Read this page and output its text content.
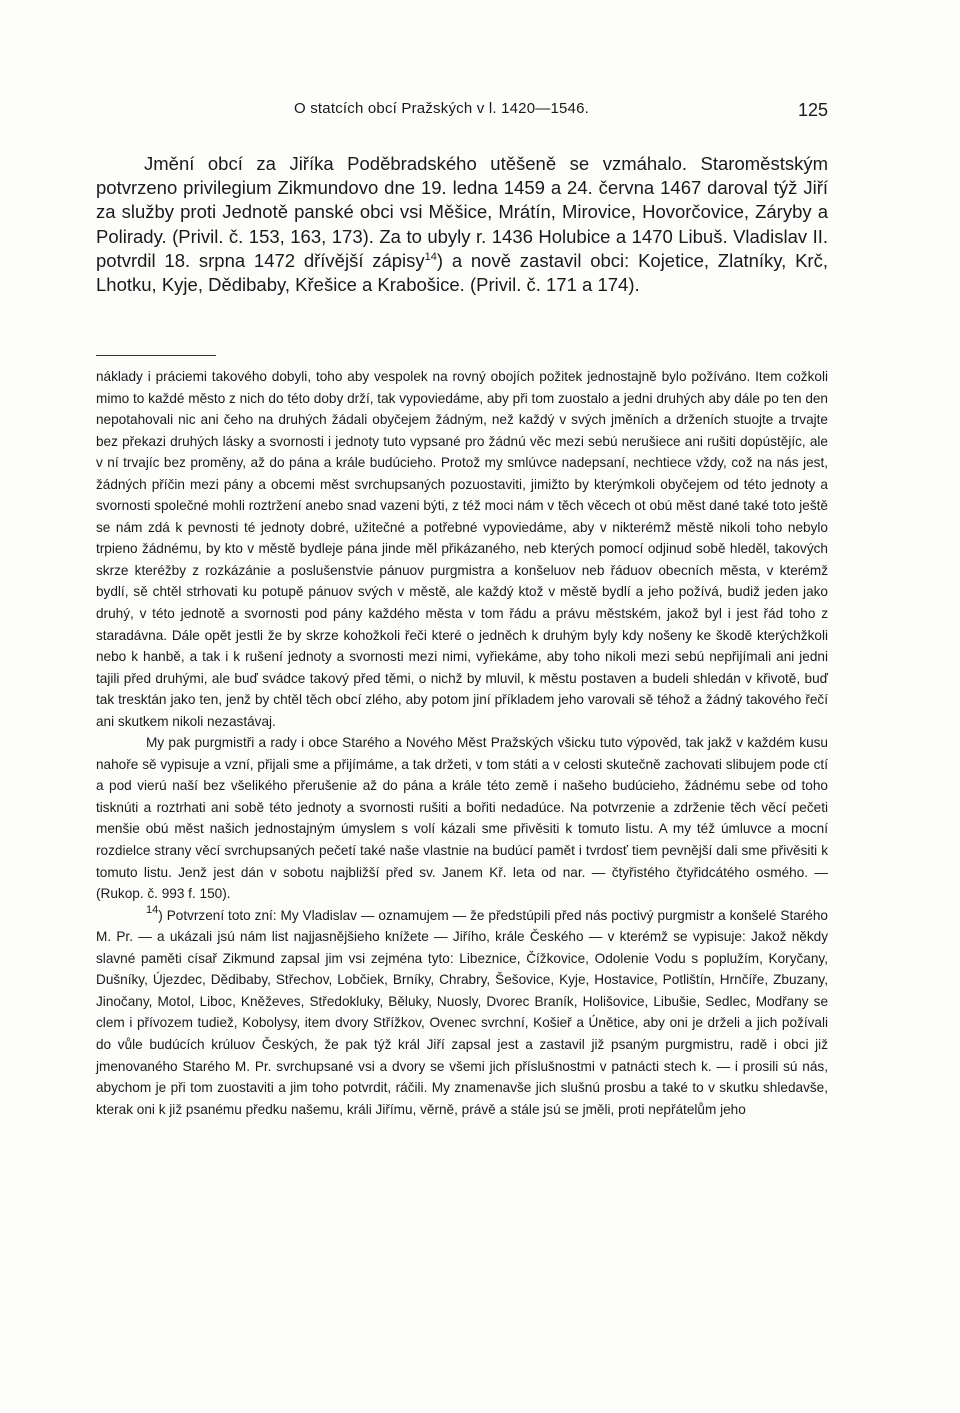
O statcích obcí Pražských v l. 1420—1546.	125

Jmění obcí za Jiříka Poděbradského utěšeně se vzmáhalo. Staroměstským potvrzeno privilegium Zikmundovo dne 19. ledna 1459 a 24. června 1467 daroval týž Jiří za služby proti Jednotě panské obci vsi Měšice, Mrátín, Mirovice, Hovorčovice, Záryby a Polirady. (Privil. č. 153, 163, 173). Za to ubyly r. 1436 Holubice a 1470 Libuš. Vladislav II. potvrdil 18. srpna 1472 dřívější zápisy$^{14}$) a nově zastavil obci: Kojetice, Zlatníky, Krč, Lhotku, Kyje, Dědibaby, Křešice a Krabošice. (Privil. č. 171 a 174).

náklady i práciemi takového dobyli, toho aby vespolek na rovný obojích požitek jednostajně bylo požíváno. Item cožkoli mimo to každé město z nich do této doby drží, tak vypoviedáme, aby při tom zuostalo a jedni druhých aby dále po ten den nepotahovali nic ani čeho na druhých žádali obyčejem žádným, než každý v svých jměních a drženích stuojte a trvajte bez překazi druhých lásky a svornosti i jednoty tuto vypsané pro žádnú věc mezi sebú nerušiece ani rušiti dopústějíc, ale v ní trvajíc bez proměny, až do pána a krále budúcieho. Protož my smlúvce nadepsaní, nechtiece vždy, což na nás jest, žádných příčin mezi pány a obcemi měst svrchupsaných pozuostaviti, jimižto by kterýmkoli obyčejem od této jednoty a svornosti společné mohli roztržení anebo snad vazeni býti, z též moci nám v těch věcech ot obú měst dané také toto ještě se nám zdá k pevnosti té jednoty dobré, užitečné a potřebné vypoviedáme, aby v nikterémž městě nikoli toho nebylo trpieno žádnému, by kto v městě bydleje pána jinde měl přikázaného, neb kterých pomocí odjinud sobě hleděl, takových skrze kteréžby z rozkázánie a poslušenstvie pánuov purgmistra a konšeluov neb řáduov obecních města, v kterémž bydlí, sě chtěl strhovati ku potupě pánuov svých v městě, ale každý ktož v městě bydlí a jeho požívá, budiž jeden jako druhý, v této jednotě a svornosti pod pány každého města v tom řádu a právu městském, jakož byl i jest řád toho z staradávna. Dále opět jestli že by skrze kohožkoli řeči které o jedněch k druhým byly kdy nošeny ke škodě kterýchžkoli nebo k hanbě, a tak i k rušení jednoty a svornosti mezi nimi, vyřiekáme, aby toho nikoli mezi sebú nepřijímali ani jedni tajili před druhými, ale buď svádce takový před těmi, o nichž by mluvil, k městu postaven a budeli shledán v křivotě, buď tak tresktán jako ten, jenž by chtěl těch obcí zlého, aby potom jiní příkladem jeho varovali sě téhož a žádný takového řečí ani skutkem nikoli nezastávaj.

My pak purgmistři a rady i obce Starého a Nového Měst Pražských všicku tuto výpověd, tak jakž v každém kusu nahoře sě vypisuje a vzní, přijali sme a přijímáme, a tak držeti, v tom státi a v celosti skutečně zachovati slibujem pode ctí a pod vierú naší bez všelikého přerušenie až do pána a krále této země i našeho budúcieho, žádnému sebe od toho tisknúti a roztrhati ani sobě této jednoty a svornosti rušiti a bořiti nedadúce. Na potvrzenie a zdrženie těch věcí pečeti menšie obú měst našich jednostajným úmyslem s volí kázali sme přivěsiti k tomuto listu. A my též úmluvce a mocní rozdielce strany věcí svrchupsaných pečetí také naše vlastnie na budúcí pamět i tvrdosť tiem pevnější dali sme přivěsiti k tomuto listu. Jenž jest dán v sobotu najbližší před sv. Janem Kř. leta od nar. — čtyřistého čtyřidcátého osmého. — (Rukop. č. 993 f. 150).

$^{14}$) Potvrzení toto zní: My Vladislav — oznamujem — že předstúpili před nás poctivý purgmistr a konšelé Starého M. Pr. — a ukázali jsú nám list najjasnějšieho knížete — Jiřího, krále Českého — v kterémž se vypisuje: Jakož někdy slavné paměti císař Zikmund zapsal jim vsi zejména tyto: Libeznice, Čížkovice, Odolenie Vodu s poplužím, Koryčany, Dušníky, Újezdec, Dědibaby, Střechov, Lobčiek, Brníky, Chrabry, Šešovice, Kyje, Hostavice, Potlištín, Hrnčíře, Zbuzany, Jinočany, Motol, Liboc, Kněževes, Středokluky, Běluky, Nuosly, Dvorec Braník, Holišovice, Libušie, Sedlec, Modřany se clem i přívozem tudiež, Kobolysy, item dvory Střížkov, Ovenec svrchní, Košieř a Úněticе, aby oni je drželi a jich požívali do vůle budúcích krúluov Českých, že pak týž král Jiří zapsal jest a zastavil již psaným purgmistru, radě i obci již jmenovaného Starého M. Pr. svrchupsané vsi a dvory se všemi jich příslušnostmi v patnácti stech k. — i prosili sú nás, abychom je při tom zuostaviti a jim toho potvrdit, ráčili. My znamenavše jich slušnú prosbu a také to v skutku shledavše, kterak oni k již psanému předku našemu, králi Jiřímu, věrně, právě a stále jsú se jměli, proti nepřátelům jeho
